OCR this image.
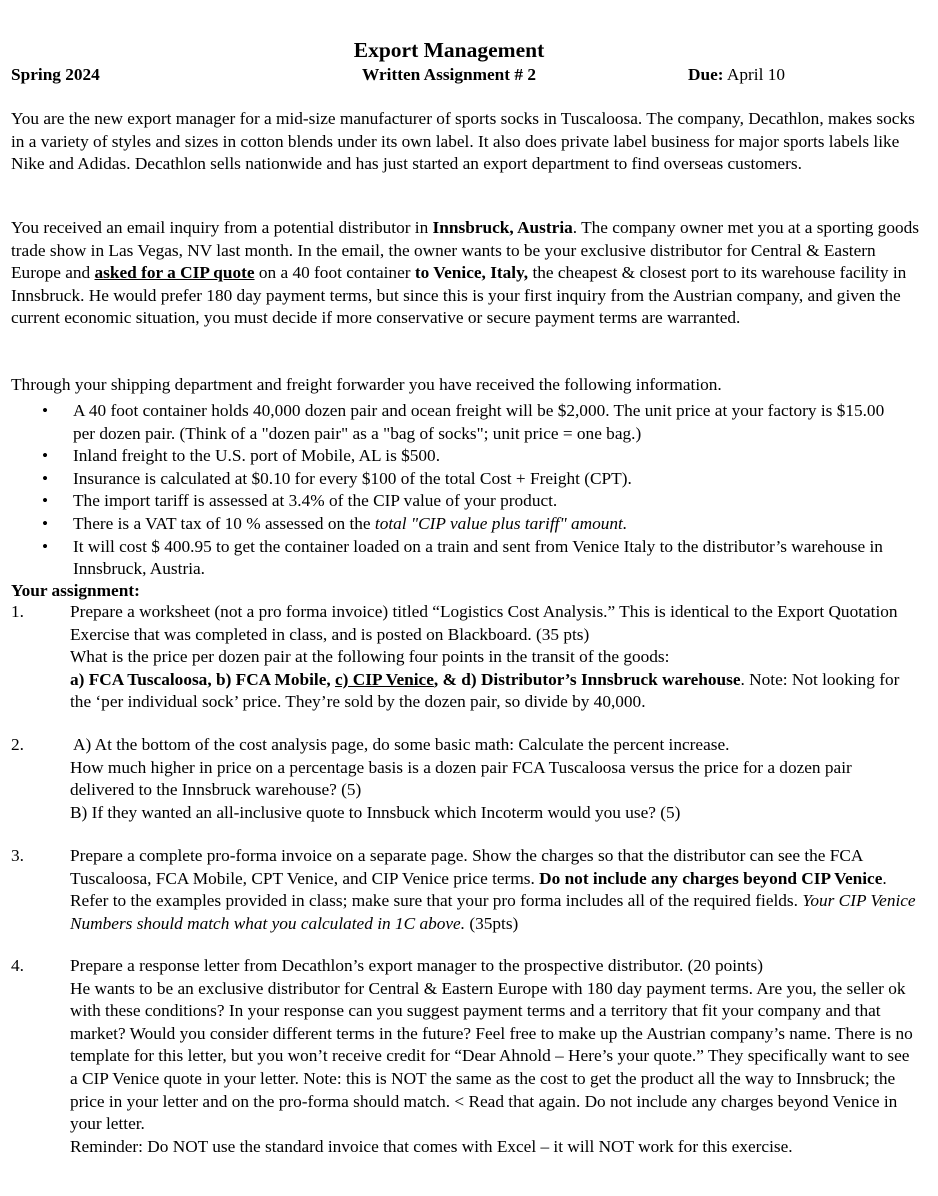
Export Management
Spring 2024	Written Assignment # 2	Due: April 10
You are the new export manager for a mid-size manufacturer of sports socks in Tuscaloosa. The company, Decathlon, makes socks in a variety of styles and sizes in cotton blends under its own label. It also does private label business for major sports labels like Nike and Adidas. Decathlon sells nationwide and has just started an export department to find overseas customers.
You received an email inquiry from a potential distributor in Innsbruck, Austria. The company owner met you at a sporting goods trade show in Las Vegas, NV last month. In the email, the owner wants to be your exclusive distributor for Central & Eastern Europe and asked for a CIP quote on a 40 foot container to Venice, Italy, the cheapest & closest port to its warehouse facility in Innsbruck. He would prefer 180 day payment terms, but since this is your first inquiry from the Austrian company, and given the current economic situation, you must decide if more conservative or secure payment terms are warranted.
Through your shipping department and freight forwarder you have received the following information.

• A 40 foot container holds 40,000 dozen pair and ocean freight will be $2,000. The unit price at your factory is $15.00 per dozen pair. (Think of a "dozen pair" as a "bag of socks"; unit price = one bag.)

• Inland freight to the U.S. port of Mobile, AL is $500.

• Insurance is calculated at $0.10 for every $100 of the total Cost + Freight (CPT).

• The import tariff is assessed at 3.4% of the CIP value of your product.

• There is a VAT tax of 10 % assessed on the total "CIP value plus tariff" amount.

• It will cost $ 400.95 to get the container loaded on a train and sent from Venice Italy to the distributor’s warehouse in Innsbruck, Austria.

Your assignment:
1.	Prepare a worksheet (not a pro forma invoice) titled “Logistics Cost Analysis.” This is identical to the Export Quotation Exercise that was completed in class, and is posted on Blackboard. (35 pts)
What is the price per dozen pair at the following four points in the transit of the goods:
a) FCA Tuscaloosa, b) FCA Mobile, c) CIP Venice, & d) Distributor’s Innsbruck warehouse. Note: Not looking for the ‘per individual sock’ price. They’re sold by the dozen pair, so divide by 40,000.
2.	A) At the bottom of the cost analysis page, do some basic math: Calculate the percent increase.
How much higher in price on a percentage basis is a dozen pair FCA Tuscaloosa versus the price for a dozen pair delivered to the Innsbruck warehouse? (5)
B) If they wanted an all-inclusive quote to Innsbuck which Incoterm would you use? (5)
3.	Prepare a complete pro-forma invoice on a separate page. Show the charges so that the distributor can see the FCA Tuscaloosa, FCA Mobile, CPT Venice, and CIP Venice price terms. Do not include any charges beyond CIP Venice. Refer to the examples provided in class; make sure that your pro forma includes all of the required fields. Your CIP Venice Numbers should match what you calculated in 1C above. (35pts)
4.	Prepare a response letter from Decathlon’s export manager to the prospective distributor. (20 points)
He wants to be an exclusive distributor for Central & Eastern Europe with 180 day payment terms. Are you, the seller ok with these conditions? In your response can you suggest payment terms and a territory that fit your company and that market? Would you consider different terms in the future? Feel free to make up the Austrian company’s name. There is no template for this letter, but you won’t receive credit for “Dear Ahnold – Here’s your quote.” They specifically want to see a CIP Venice quote in your letter. Note: this is NOT the same as the cost to get the product all the way to Innsbruck; the price in your letter and on the pro-forma should match. < Read that again. Do not include any charges beyond Venice in your letter.
Reminder: Do NOT use the standard invoice that comes with Excel – it will NOT work for this exercise.
